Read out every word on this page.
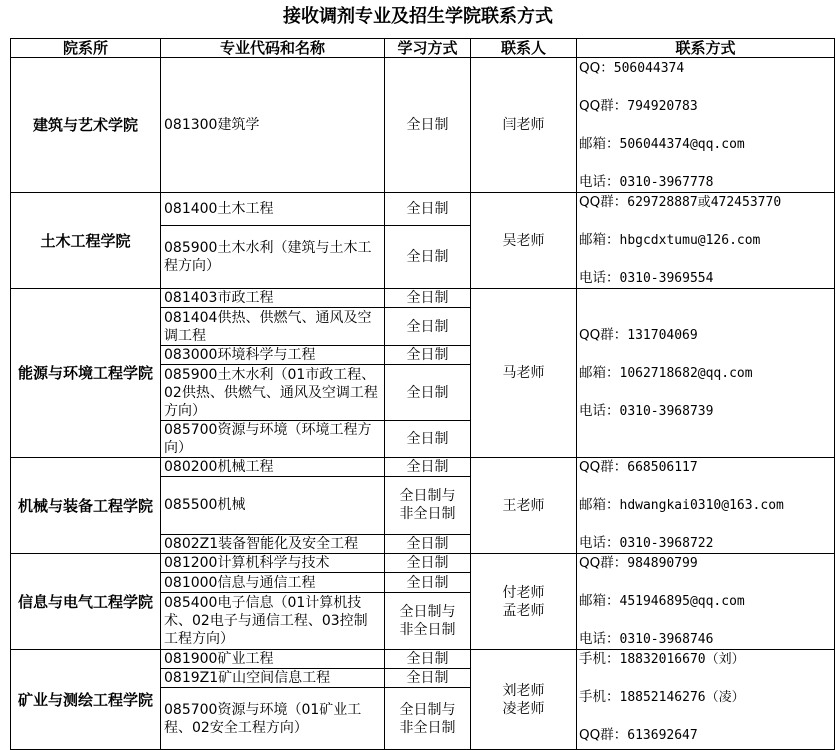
接收调剂专业及招生学院联系方式
院系所	专业代码和名称	学习方式	联系人	联系方式
建筑与艺术学院	081300建筑学	全日制	闫老师	QQ：506044374
QQ群：794920783
邮箱：506044374@qq.com
电话：0310-3967778

土木工程学院	081400土木工程	全日制	吴老师	QQ群：629728887或472453770
邮箱：hbgcdxtumu@126.com
电话：0310-3969554

	085900土木水利（建筑与土木工程方向）	全日制		
能源与环境工程学院	081403市政工程	全日制	马老师	QQ群：131704069
邮箱：1062718682@qq.com
电话：0310-3968739

	081404供热、供燃气、通风及空调工程	全日制		
	083000环境科学与工程	全日制		
	085900土木水利（01市政工程、02供热、供燃气、通风及空调工程方向）	全日制		
	085700资源与环境（环境工程方向）	全日制		
机械与装备工程学院	080200机械工程	全日制	王老师	QQ群：668506117
邮箱：hdwangkai0310@163.com
电话：0310-3968722

	085500机械	全日制与非全日制		
	0802Z1装备智能化及安全工程	全日制		
信息与电气工程学院	081200计算机科学与技术	全日制	付老师 孟老师	QQ群：984890799
邮箱：451946895@qq.com
电话：0310-3968746

	081000信息与通信工程	全日制		
	085400电子信息（01计算机技术、02电子与通信工程、03控制工程方向）	全日制与非全日制		
矿业与测绘工程学院	081900矿业工程	全日制	刘老师 凌老师	手机：18832016670（刘）
手机：18852146276（凌）
QQ群：613692647

	0819Z1矿山空间信息工程	全日制		
	085700资源与环境（01矿业工程、02安全工程方向）	全日制与非全日制		
